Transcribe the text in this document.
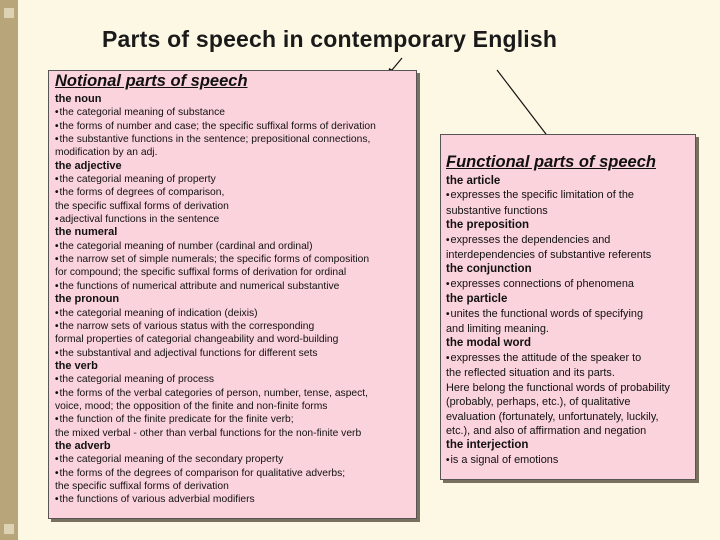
Parts of speech in contemporary English
Notional parts of speech
the noun
•the categorial meaning of substance
•the forms of number and case; the specific suffixal forms of derivation
•the substantive functions in the sentence; prepositional connections,
modification by an adj.
the adjective
•the categorial meaning of property
•the forms of degrees of comparison,
the specific suffixal forms of derivation
•adjectival functions in the sentence
the numeral
•the categorial meaning of number (cardinal and ordinal)
•the narrow set of simple numerals; the specific forms of composition
for compound; the specific suffixal forms of derivation for ordinal
•the functions of numerical attribute and numerical substantive
the pronoun
•the categorial meaning of indication (deixis)
•the narrow sets of various status with the corresponding
formal properties of categorial changeability and word-building
•the substantival and adjectival functions for different sets
the verb
•the categorial meaning of process
•the forms of the verbal categories of person, number, tense, aspect,
voice, mood; the opposition of the finite and non-finite forms
•the function of the finite predicate for the finite verb;
the mixed verbal - other than verbal functions for the non-finite verb
the adverb
•the categorial meaning of the secondary property
•the forms of the degrees of comparison for qualitative adverbs;
the specific suffixal forms of derivation
•the functions of various adverbial modifiers
Functional parts of speech
the article
•expresses the specific limitation of the
substantive functions
the preposition
•expresses the dependencies and
interdependencies of substantive referents
the conjunction
•expresses connections of phenomena
the particle
•unites the functional words of specifying
and limiting meaning.
the modal word
•expresses the attitude of the speaker to
the reflected situation and its parts.
Here belong the functional words of probability
(probably, perhaps, etc.), of qualitative
evaluation (fortunately, unfortunately, luckily,
etc.), and also of affirmation and negation
the interjection
•is a signal of emotions
